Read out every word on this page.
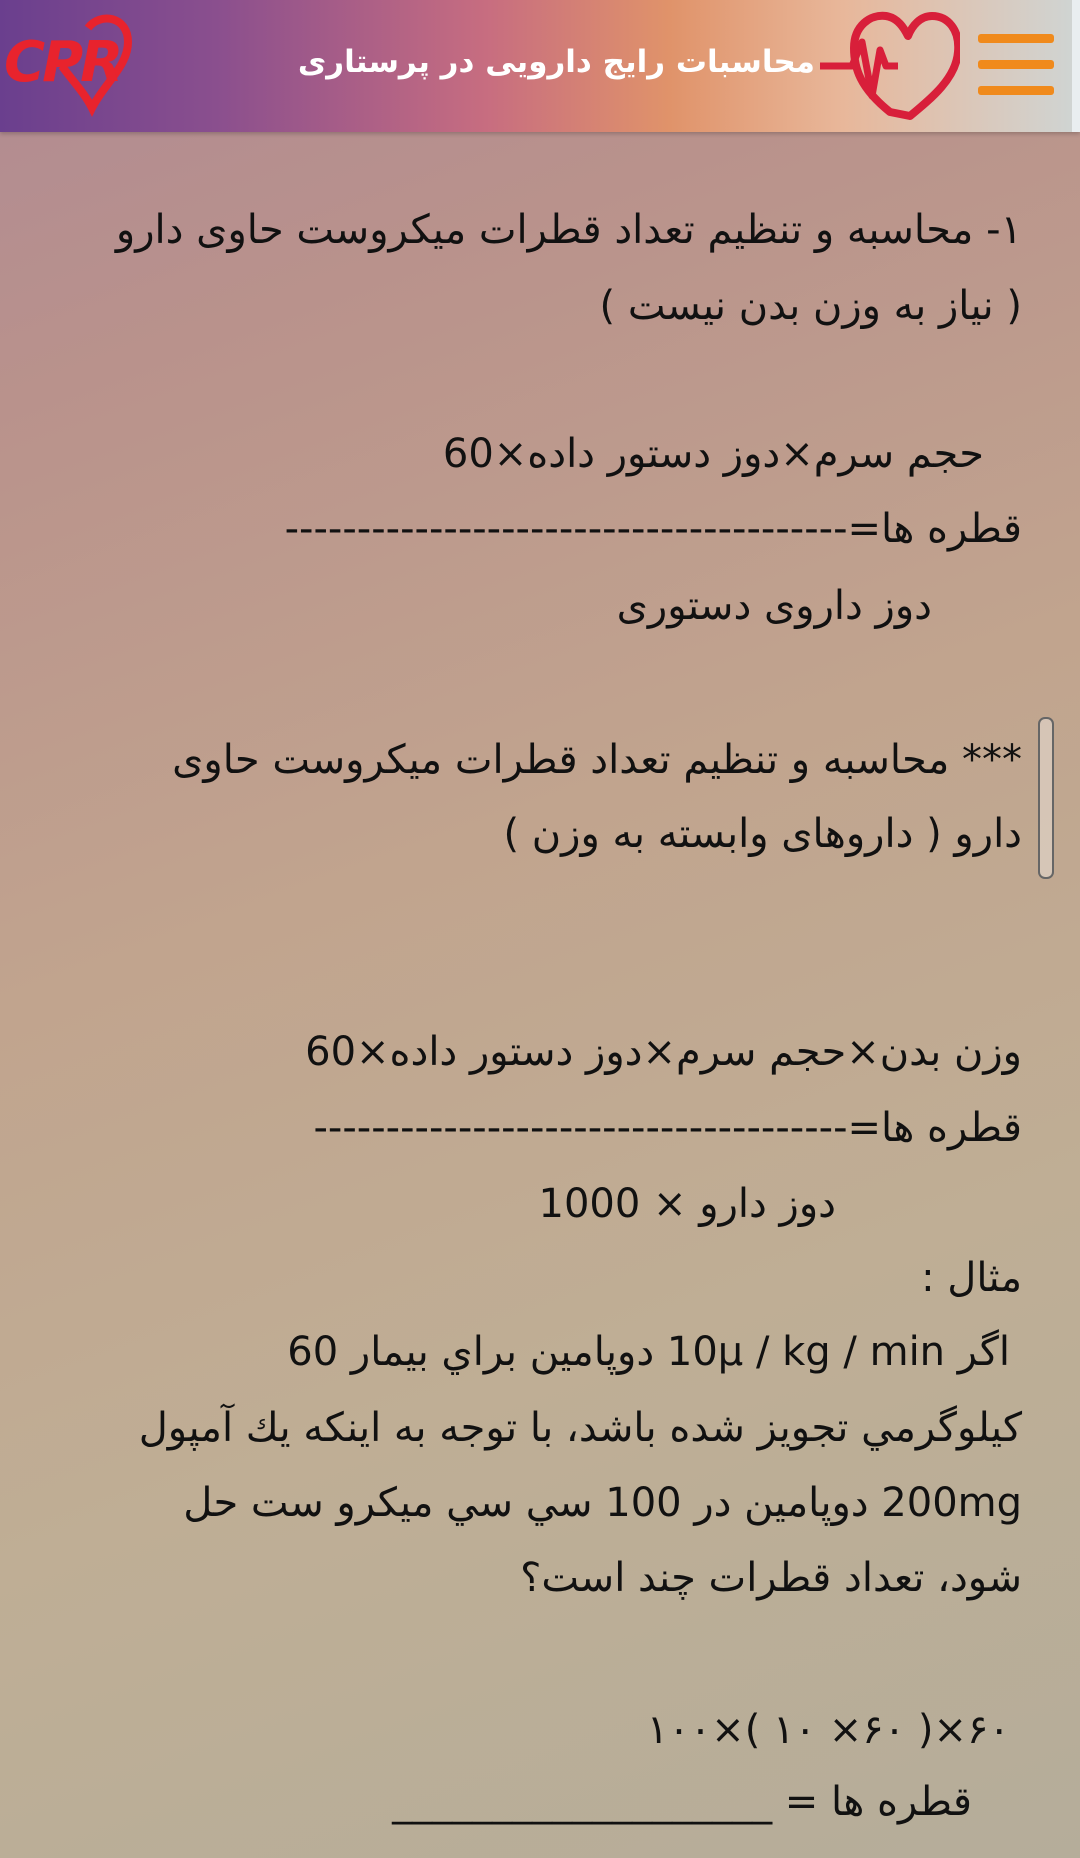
CPR	محاسبات رایج دارویی در پرستاری
۱- محاسبه و تنظیم تعداد قطرات میکروست حاوی دارو
( نیاز به وزن بدن نیست )
حجم سرم×دوز دستور داده×60
قطره ها=---------------------------------------
دوز داروی دستوری
*** محاسبه و تنظیم تعداد قطرات میکروست حاوی
دارو ( داروهای وابسته به وزن )
وزن بدن×حجم سرم×دوز دستور داده×60
قطره ها=-------------------------------------
دوز دارو × 1000
مثال :
اگر 10µ / kg / min دوپامین براي بيمار 60
کيلوگرمي تجويز شده باشد، با توجه به اينکه يك آمپول
200mg دوپامين در 100 سي سي ميکرو ست حل
شود، تعداد قطرات چند است؟
۶۰×( ۶۰× ۱۰ )×۱۰۰
قطره ها = ___________________
